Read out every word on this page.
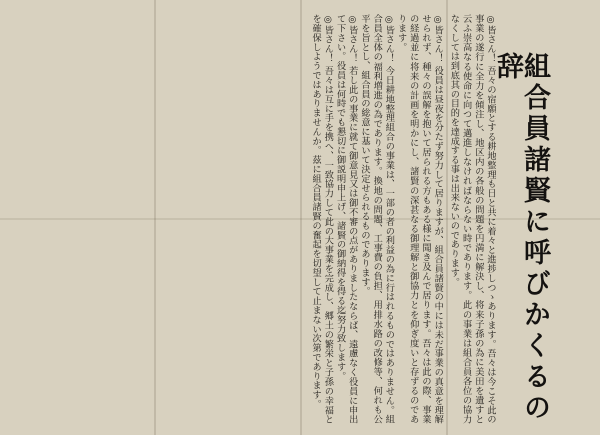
組合員諸賢に呼びかくるの辞

◎皆さん！ 吾々の宿願とする耕地整理も日と共に着々と進捗しつゝあります。吾々は今こそ此の事業の遂行に全力を傾注し、地区内の各般の問題を円満に解決し、将来子孫の為に美田を遺すと云ふ崇高なる使命に向つて邁進しなければならない時であります。此の事業は組合員各位の協力なくしては到底其の目的を達成する事は出来ないのであります。

◎皆さん！ 役員は昼夜を分たず努力して居りますが、組合員諸賢の中には未だ事業の真意を理解せられず、種々の誤解を抱いて居られる方もある様に聞き及んで居ります。吾々は此の際、事業の経過並に将来の計画を明かにし、諸賢の深甚なる御理解と御協力とを仰ぎ度いと存ずるのであります。

◎皆さん！ 今日耕地整理組合の事業は、一部の者の利益の為に行はれるものではありません。組合員全体の福利増進の為であります。換地の問題、工事費の負担、用排水路の改修等、何れも公平を旨とし、組合員の総意に基いて決定せられるものであります。

◎皆さん！ 若し此の事業に就て御意見又は御不審の点がありましたならば、遠慮なく役員に申出て下さい。役員は何時でも懇切に御説明申上げ、諸賢の御納得を得る迄努力致します。

◎皆さん！ 吾々は互に手を携へ、一致協力して此の大事業を完成し、郷土の繁栄と子孫の幸福とを確保しようではありませんか。茲に組合員諸賢の奮起を切望して止まない次第であります。
